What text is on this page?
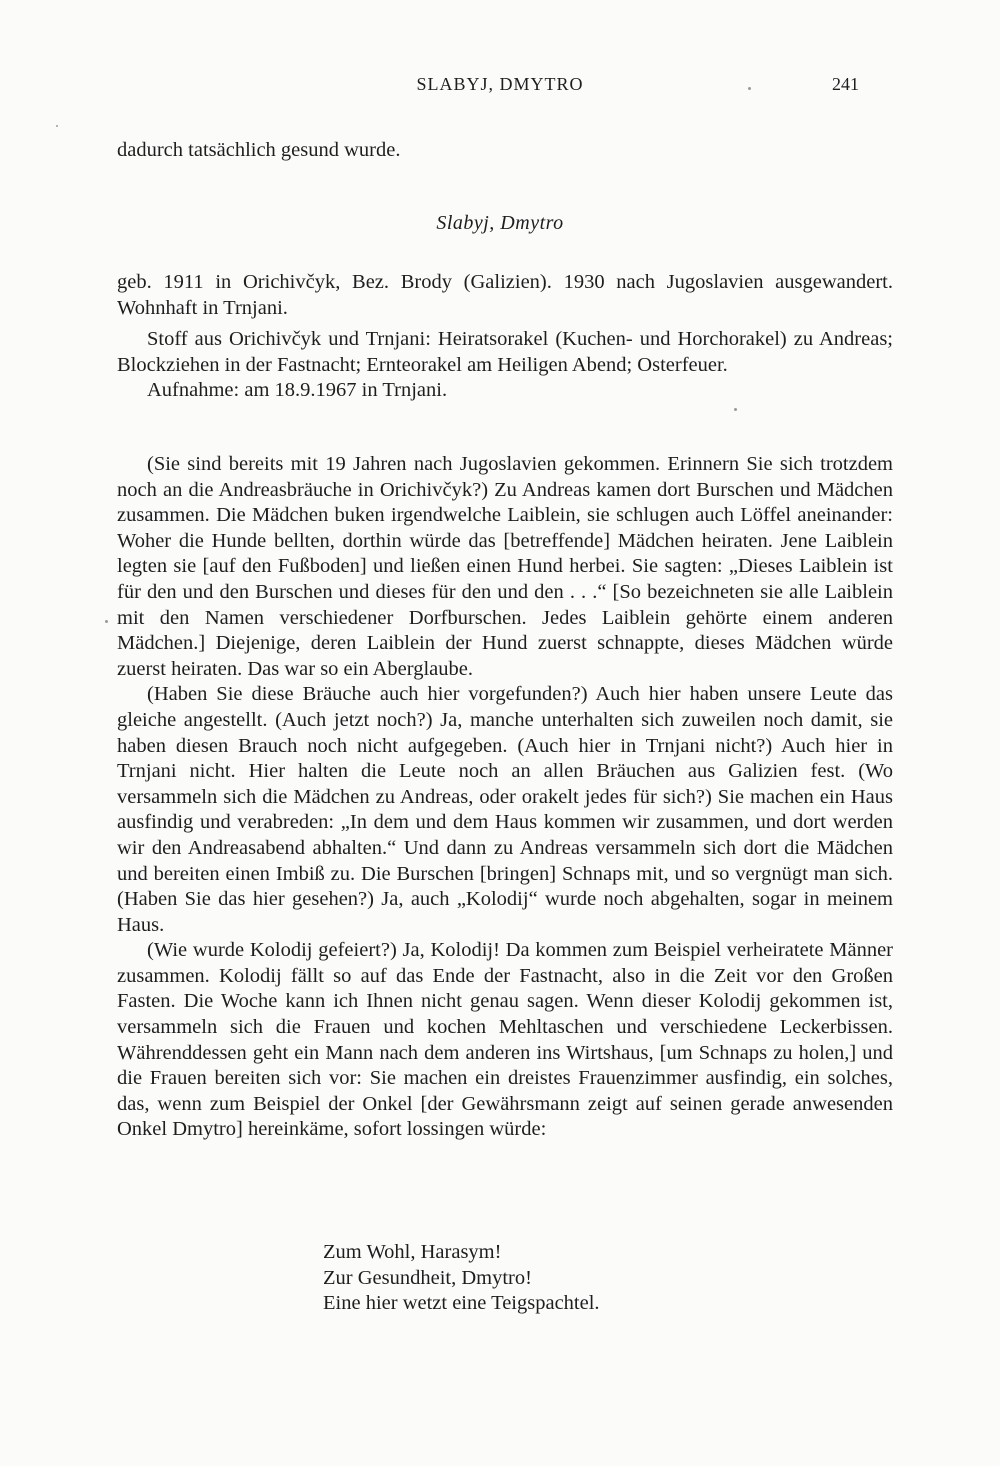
SLABYJ, DMYTRO	241

dadurch tatsächlich gesund wurde.

Slabyj, Dmytro

geb. 1911 in Orichivčyk, Bez. Brody (Galizien). 1930 nach Jugoslavien ausgewandert. Wohnhaft in Trnjani.

Stoff aus Orichivčyk und Trnjani: Heiratsorakel (Kuchen- und Horchorakel) zu Andreas; Blockziehen in der Fastnacht; Ernteorakel am Heiligen Abend; Osterfeuer.

Aufnahme: am 18.9.1967 in Trnjani.

(Sie sind bereits mit 19 Jahren nach Jugoslavien gekommen. Erinnern Sie sich trotzdem noch an die Andreasbräuche in Orichivčyk?) Zu Andreas kamen dort Burschen und Mädchen zusammen. Die Mädchen buken irgendwelche Laiblein, sie schlugen auch Löffel aneinander: Woher die Hunde bellten, dorthin würde das [betreffende] Mädchen heiraten. Jene Laiblein legten sie [auf den Fußboden] und ließen einen Hund herbei. Sie sagten: „Dieses Laiblein ist für den und den Burschen und dieses für den und den . . .“ [So bezeichneten sie alle Laiblein mit den Namen verschiedener Dorfburschen. Jedes Laiblein gehörte einem anderen Mädchen.] Diejenige, deren Laiblein der Hund zuerst schnappte, dieses Mädchen würde zuerst heiraten. Das war so ein Aberglaube.

(Haben Sie diese Bräuche auch hier vorgefunden?) Auch hier haben unsere Leute das gleiche angestellt. (Auch jetzt noch?) Ja, manche unterhalten sich zuweilen noch damit, sie haben diesen Brauch noch nicht aufgegeben. (Auch hier in Trnjani nicht?) Auch hier in Trnjani nicht. Hier halten die Leute noch an allen Bräuchen aus Galizien fest. (Wo versammeln sich die Mädchen zu Andreas, oder orakelt jedes für sich?) Sie machen ein Haus ausfindig und verabreden: „In dem und dem Haus kommen wir zusammen, und dort werden wir den Andreasabend abhalten.“ Und dann zu Andreas versammeln sich dort die Mädchen und bereiten einen Imbiß zu. Die Burschen [bringen] Schnaps mit, und so vergnügt man sich. (Haben Sie das hier gesehen?) Ja, auch „Kolodij“ wurde noch abgehalten, sogar in meinem Haus.

(Wie wurde Kolodij gefeiert?) Ja, Kolodij! Da kommen zum Beispiel verheiratete Männer zusammen. Kolodij fällt so auf das Ende der Fastnacht, also in die Zeit vor den Großen Fasten. Die Woche kann ich Ihnen nicht genau sagen. Wenn dieser Kolodij gekommen ist, versammeln sich die Frauen und kochen Mehltaschen und verschiedene Leckerbissen. Währenddessen geht ein Mann nach dem anderen ins Wirtshaus, [um Schnaps zu holen,] und die Frauen bereiten sich vor: Sie machen ein dreistes Frauenzimmer ausfindig, ein solches, das, wenn zum Beispiel der Onkel [der Gewährsmann zeigt auf seinen gerade anwesenden Onkel Dmytro] hereinkäme, sofort lossingen würde:

Zum Wohl, Harasym!
Zur Gesundheit, Dmytro!
Eine hier wetzt eine Teigspachtel.
